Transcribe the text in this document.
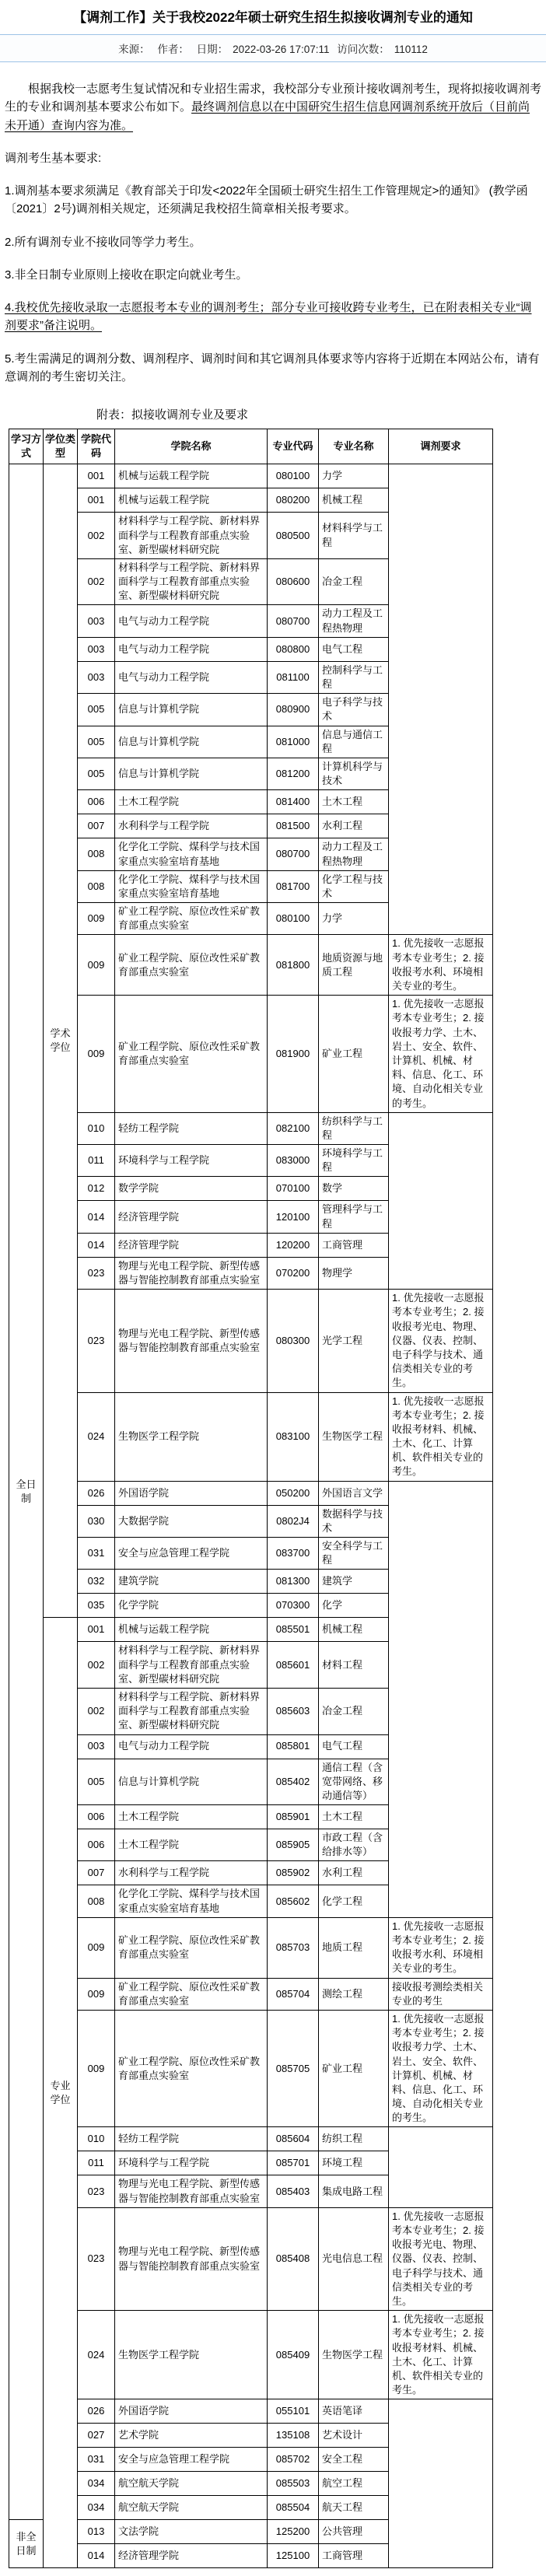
【调剂工作】关于我校2022年硕士研究生招生拟接收调剂专业的通知
来源： 作者： 日期： 2022-03-26 17:07:11 访问次数： 110112

根据我校一志愿考生复试情况和专业招生需求，我校部分专业预计接收调剂考生，现将拟接收调剂考生的专业和调剂基本要求公布如下。最终调剂信息以在中国研究生招生信息网调剂系统开放后（目前尚未开通）查询内容为准。

调剂考生基本要求:

1.调剂基本要求须满足《教育部关于印发<2022年全国硕士研究生招生工作管理规定>的通知》 (教学函〔2021〕2号)调剂相关规定，还须满足我校招生简章相关报考要求。

2.所有调剂专业不接收同等学力考生。

3.非全日制专业原则上接收在职定向就业考生。

4.我校优先接收录取一志愿报考本专业的调剂考生；部分专业可接收跨专业考生，已在附表相关专业“调剂要求”备注说明。

5.考生需满足的调剂分数、调剂程序、调剂时间和其它调剂具体要求等内容将于近期在本网站公布，请有意调剂的考生密切关注。

附表：拟接收调剂专业及要求
学习方式	学位类型	学院代码	学院名称	专业代码	专业名称	调剂要求
全日制	学术学位	001	机械与运载工程学院	080100	力学	
		001	机械与运载工程学院	080200	机械工程	
		002	材料科学与工程学院、新材料界面科学与工程教育部重点实验室、新型碳材料研究院	080500	材料科学与工程	
		002	材料科学与工程学院、新材料界面科学与工程教育部重点实验室、新型碳材料研究院	080600	冶金工程	
		003	电气与动力工程学院	080700	动力工程及工程热物理	
		003	电气与动力工程学院	080800	电气工程	
		003	电气与动力工程学院	081100	控制科学与工程	
		005	信息与计算机学院	080900	电子科学与技术	
		005	信息与计算机学院	081000	信息与通信工程	
		005	信息与计算机学院	081200	计算机科学与技术	
		006	土木工程学院	081400	土木工程	
		007	水利科学与工程学院	081500	水利工程	
		008	化学化工学院、煤科学与技术国家重点实验室培育基地	080700	动力工程及工程热物理	
		008	化学化工学院、煤科学与技术国家重点实验室培育基地	081700	化学工程与技术	
		009	矿业工程学院、原位改性采矿教育部重点实验室	080100	力学	
		009	矿业工程学院、原位改性采矿教育部重点实验室	081800	地质资源与地质工程	1. 优先接收一志愿报考本专业考生；2. 接收报考水利、环境相关专业的考生。
		009	矿业工程学院、原位改性采矿教育部重点实验室	081900	矿业工程	1. 优先接收一志愿报考本专业考生；2. 接收报考力学、土木、岩土、安全、软件、计算机、机械、材料、信息、化工、环境、自动化相关专业的考生。
		010	轻纺工程学院	082100	纺织科学与工程	
		011	环境科学与工程学院	083000	环境科学与工程	
		012	数学学院	070100	数学	
		014	经济管理学院	120100	管理科学与工程	
		014	经济管理学院	120200	工商管理	
		023	物理与光电工程学院、新型传感器与智能控制教育部重点实验室	070200	物理学	
		023	物理与光电工程学院、新型传感器与智能控制教育部重点实验室	080300	光学工程	1. 优先接收一志愿报考本专业考生；2. 接收报考光电、物理、仪器、仪表、控制、电子科学与技术、通信类相关专业的考生。
		024	生物医学工程学院	083100	生物医学工程	1. 优先接收一志愿报考本专业考生；2. 接收报考材料、机械、土木、化工、计算机、软件相关专业的考生。
		026	外国语学院	050200	外国语言文学	
		030	大数据学院	0802J4	数据科学与技术	
		031	安全与应急管理工程学院	083700	安全科学与工程	
		032	建筑学院	081300	建筑学	
		035	化学学院	070300	化学	
	专业学位	001	机械与运载工程学院	085501	机械工程	
		002	材料科学与工程学院、新材料界面科学与工程教育部重点实验室、新型碳材料研究院	085601	材料工程	
		002	材料科学与工程学院、新材料界面科学与工程教育部重点实验室、新型碳材料研究院	085603	冶金工程	
		003	电气与动力工程学院	085801	电气工程	
		005	信息与计算机学院	085402	通信工程（含宽带网络、移动通信等）	
		006	土木工程学院	085901	土木工程	
		006	土木工程学院	085905	市政工程（含给排水等）	
		007	水利科学与工程学院	085902	水利工程	
		008	化学化工学院、煤科学与技术国家重点实验室培育基地	085602	化学工程	
		009	矿业工程学院、原位改性采矿教育部重点实验室	085703	地质工程	1. 优先接收一志愿报考本专业考生；2. 接收报考水利、环境相关专业的考生。
		009	矿业工程学院、原位改性采矿教育部重点实验室	085704	测绘工程	接收报考测绘类相关专业的考生
		009	矿业工程学院、原位改性采矿教育部重点实验室	085705	矿业工程	1. 优先接收一志愿报考本专业考生；2. 接收报考力学、土木、岩土、安全、软件、计算机、机械、材料、信息、化工、环境、自动化相关专业的考生。
		010	轻纺工程学院	085604	纺织工程	
		011	环境科学与工程学院	085701	环境工程	
		023	物理与光电工程学院、新型传感器与智能控制教育部重点实验室	085403	集成电路工程	
		023	物理与光电工程学院、新型传感器与智能控制教育部重点实验室	085408	光电信息工程	1. 优先接收一志愿报考本专业考生；2. 接收报考光电、物理、仪器、仪表、控制、电子科学与技术、通信类相关专业的考生。
		024	生物医学工程学院	085409	生物医学工程	1. 优先接收一志愿报考本专业考生；2. 接收报考材料、机械、土木、化工、计算机、软件相关专业的考生。
		026	外国语学院	055101	英语笔译	
		027	艺术学院	135108	艺术设计	
		031	安全与应急管理工程学院	085702	安全工程	
		034	航空航天学院	085503	航空工程	
		034	航空航天学院	085504	航天工程	
非全日制		013	文法学院	125200	公共管理	
		014	经济管理学院	125100	工商管理	
